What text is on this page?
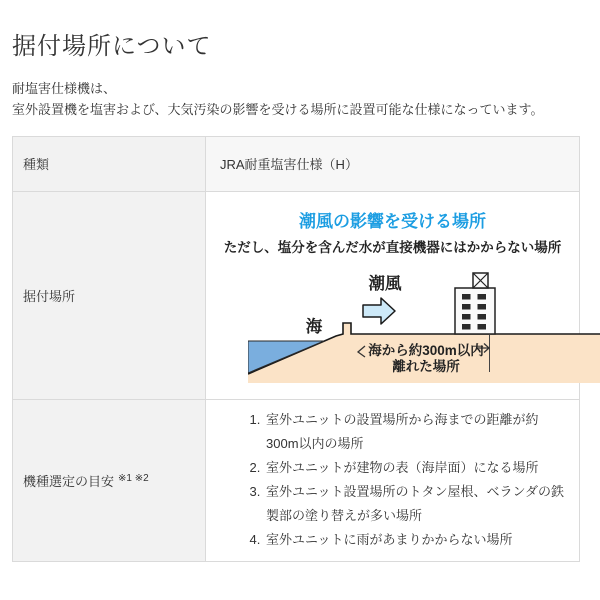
据付場所について

耐塩害仕様機は、
室外設置機を塩害および、大気汚染の影響を受ける場所に設置可能な仕様になっています。

種類	JRA耐重塩害仕様（H）
据付場所	
潮風の影響を受ける場所
ただし、塩分を含んだ水が直接機器にはかからない場所
潮風
海
海から約300m以内
離れた場所

機種選定の目安 $^{※1 ※2}$	
1. 室外ユニットの設置場所から海までの距離が約300m以内の場所
2. 室外ユニットが建物の表（海岸面）になる場所
3. 室外ユニット設置場所のトタン屋根、ベランダの鉄製部の塗り替えが多い場所
4. 室外ユニットに雨があまりかからない場所
